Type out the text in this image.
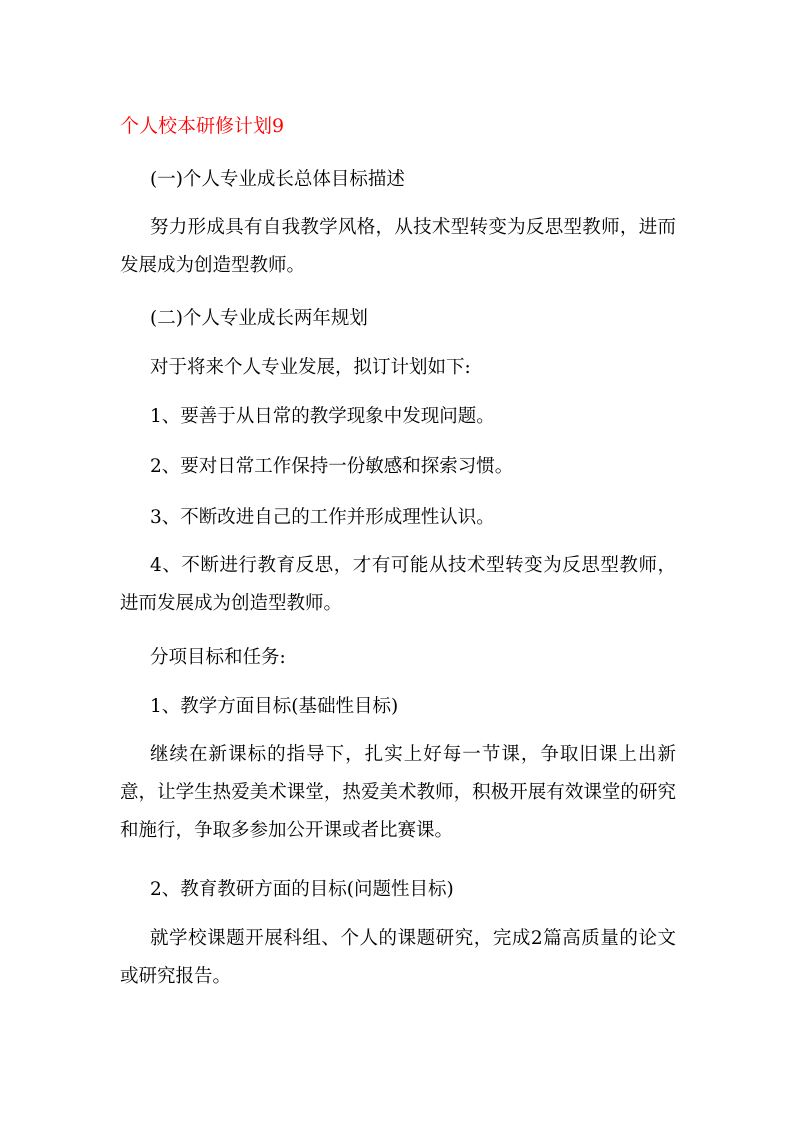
个人校本研修计划9

(一)个人专业成长总体目标描述

努力形成具有自我教学风格，从技术型转变为反思型教师，进而发展成为创造型教师。

(二)个人专业成长两年规划

对于将来个人专业发展，拟订计划如下:

1、要善于从日常的教学现象中发现问题。

2、要对日常工作保持一份敏感和探索习惯。

3、不断改进自己的工作并形成理性认识。

4、不断进行教育反思，才有可能从技术型转变为反思型教师，进而发展成为创造型教师。

分项目标和任务:

1、教学方面目标(基础性目标)

继续在新课标的指导下，扎实上好每一节课，争取旧课上出新意，让学生热爱美术课堂，热爱美术教师，积极开展有效课堂的研究和施行，争取多参加公开课或者比赛课。

2、教育教研方面的目标(问题性目标)

就学校课题开展科组、个人的课题研究，完成2篇高质量的论文或研究报告。
